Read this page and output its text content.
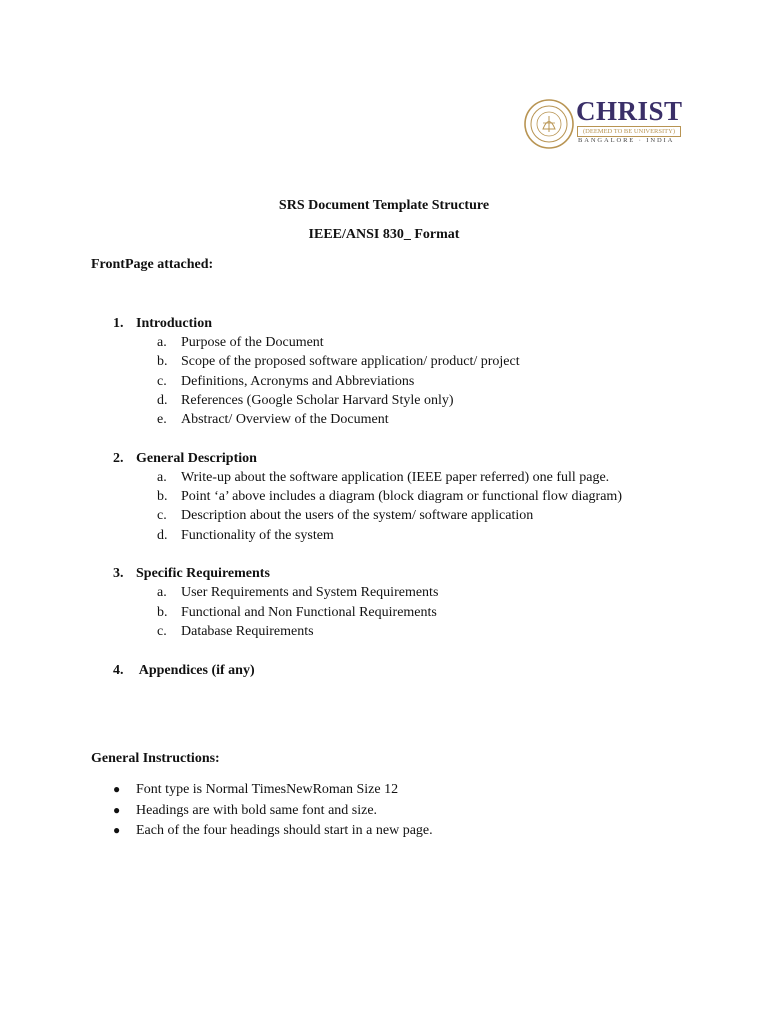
CHRIST
(DEEMED TO BE UNIVERSITY)
BANGALORE · INDIA
SRS Document Template Structure
IEEE/ANSI 830_ Format
FrontPage attached:
1. Introduction
a. Purpose of the Document
b. Scope of the proposed software application/ product/ project
c. Definitions, Acronyms and Abbreviations
d. References (Google Scholar Harvard Style only)
e. Abstract/ Overview of the Document
2. General Description
a. Write-up about the software application (IEEE paper referred) one full page.
b. Point ‘a’ above includes a diagram (block diagram or functional flow diagram)
c. Description about the users of the system/ software application
d. Functionality of the system
3. Specific Requirements
a. User Requirements and System Requirements
b. Functional and Non Functional Requirements
c. Database Requirements
4. Appendices (if any)
General Instructions:
● Font type is Normal TimesNewRoman Size 12
● Headings are with bold same font and size.
● Each of the four headings should start in a new page.
